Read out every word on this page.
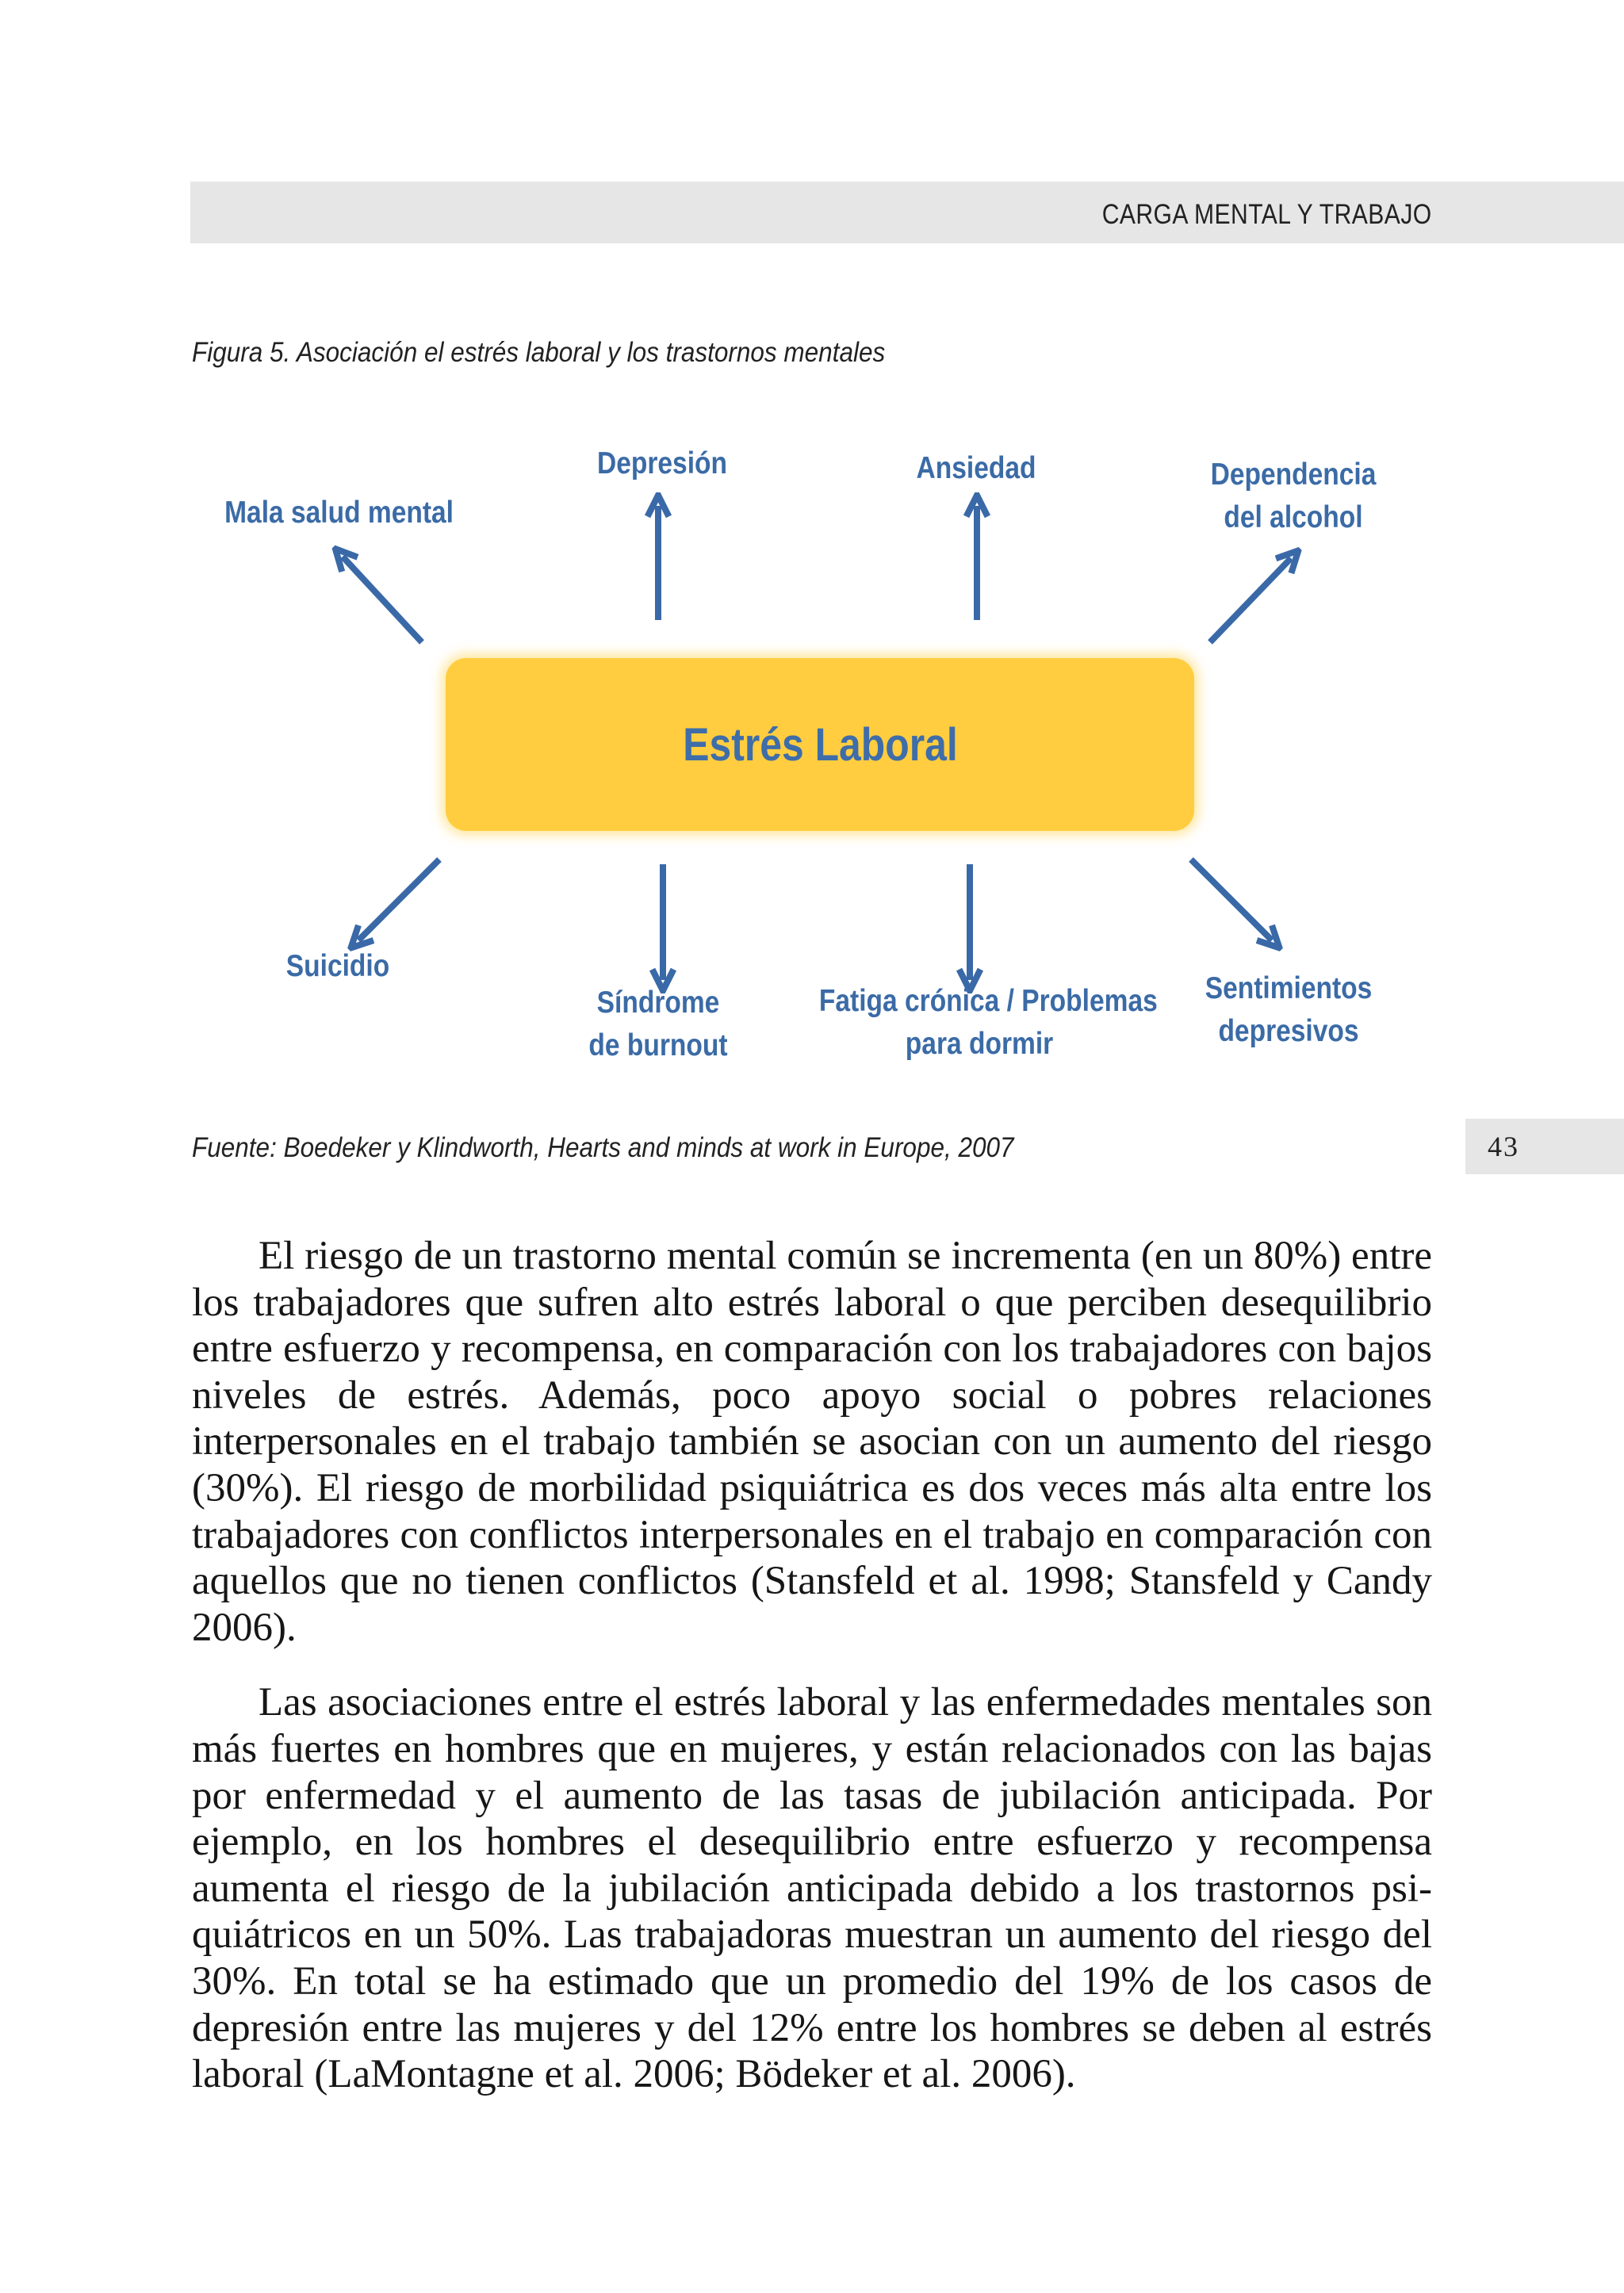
CARGA MENTAL Y TRABAJO
43
Figura 5. Asociación el estrés laboral y los trastornos mentales
Estrés Laboral
Mala salud mental
Depresión	Ansiedad	Dependencia
del alcohol
Suicidio
Síndrome
de burnout
Fatiga crónica / Problemas
para dormir
Sentimientos
depresivos
Fuente: Boedeker y Klindworth, Hearts and minds at work in Europe, 2007

El riesgo de un trastorno mental común se incrementa (en un 80%) entre los trabajadores que sufren alto estrés laboral o que perciben desequilibrio entre esfuerzo y recompensa, en comparación con los trabajadores con bajos niveles de estrés. Además, poco apoyo social o pobres relaciones interpersonales en el trabajo también se asocian con un aumento del riesgo (30%). El riesgo de morbilidad psiquiátrica es dos veces más alta entre los trabajadores con conflictos interpersonales en el trabajo en comparación con aquellos que no tienen conflictos (Stansfeld et al. 1998; Stansfeld y Candy 2006).

Las asociaciones entre el estrés laboral y las enfermedades mentales son más fuertes en hombres que en mujeres, y están relacionados con las bajas por enfermedad y el aumento de las tasas de jubilación anticipada. Por ejemplo, en los hombres el desequilibrio entre esfuerzo y recompensa aumenta el riesgo de la jubilación anticipada debido a los trastornos psiquiátricos en un 50%. Las trabajadoras muestran un aumento del riesgo del 30%. En total se ha estimado que un promedio del 19% de los casos de depresión entre las mujeres y del 12% entre los hombres se deben al estrés laboral (LaMontagne et al. 2006; Bödeker et al. 2006).
